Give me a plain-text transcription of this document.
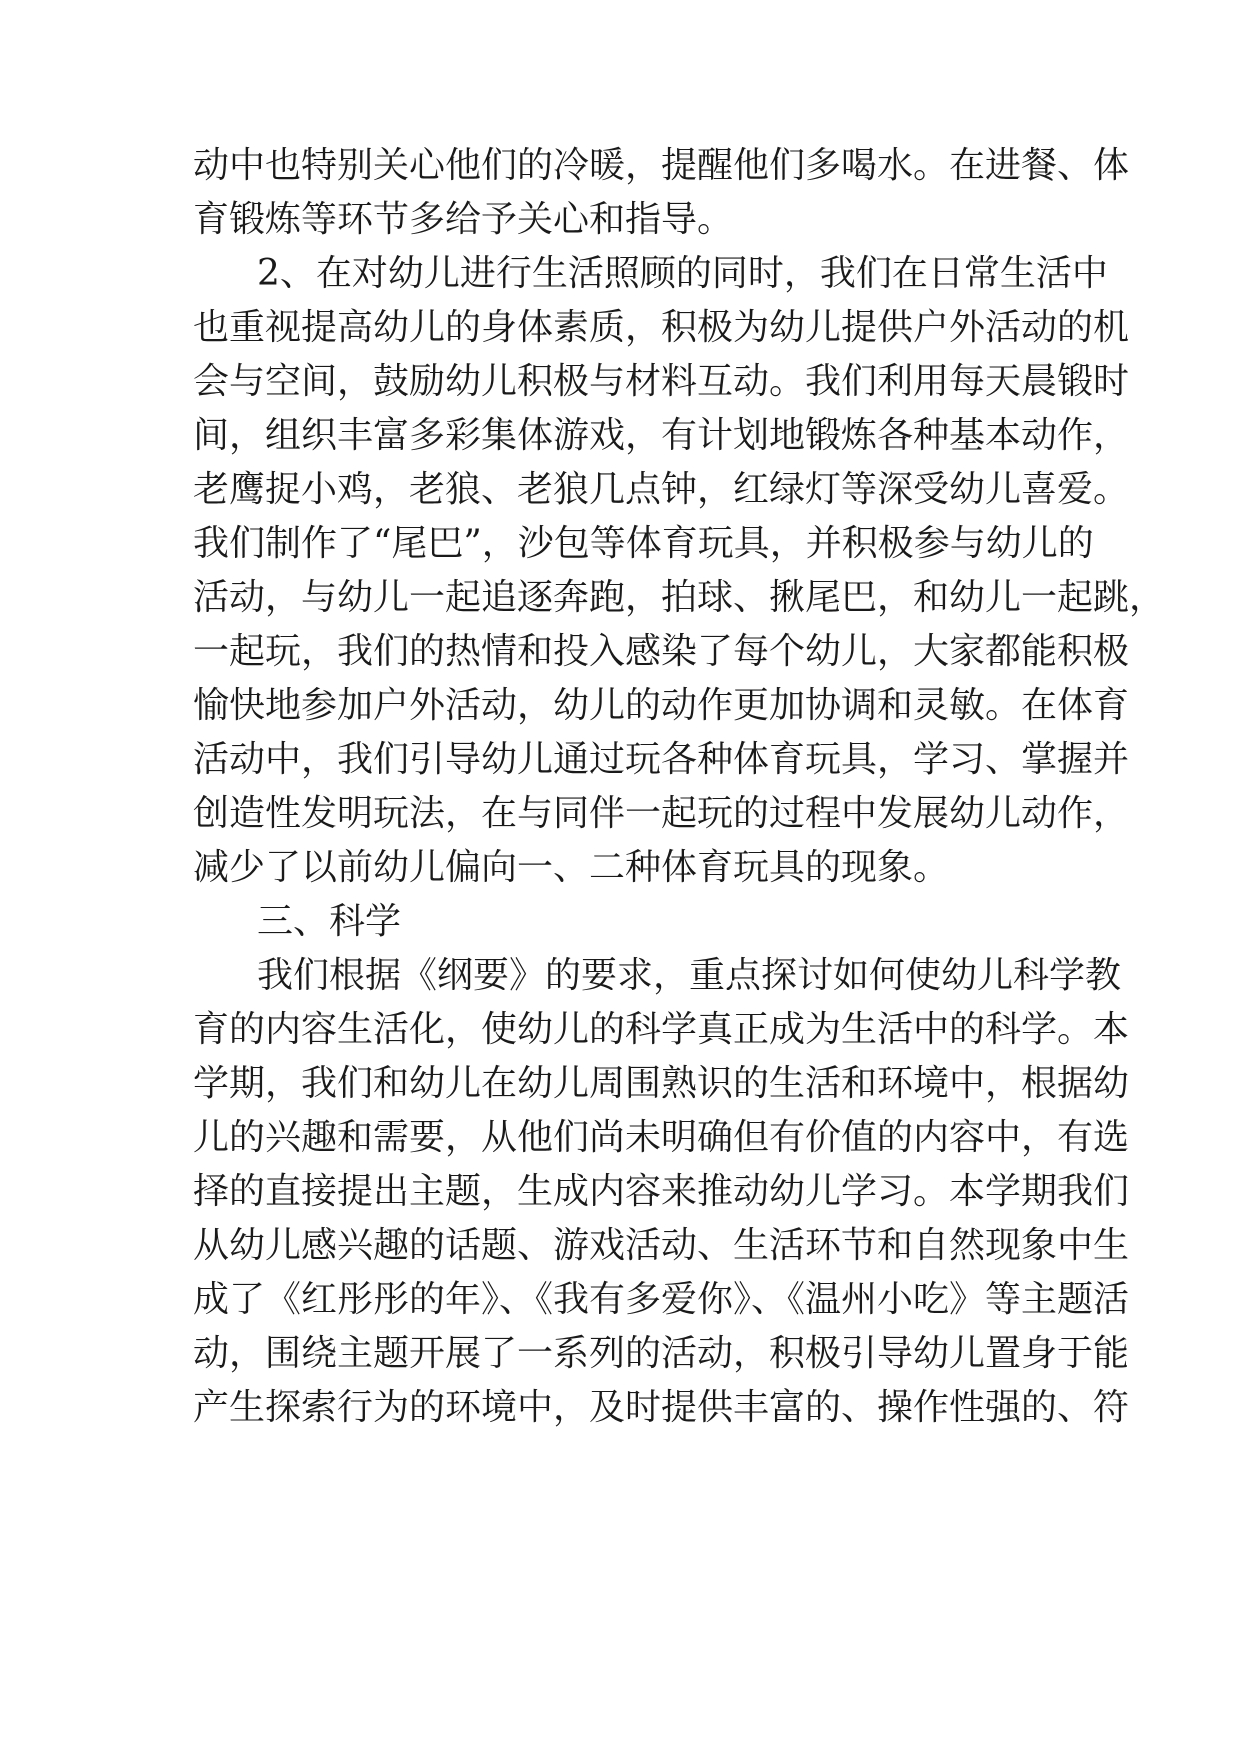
动中也特别关心他们的冷暖，提醒他们多喝水。在进餐、体

育锻炼等环节多给予关心和指导。

2、在对幼儿进行生活照顾的同时，我们在日常生活中

也重视提高幼儿的身体素质，积极为幼儿提供户外活动的机

会与空间，鼓励幼儿积极与材料互动。我们利用每天晨锻时

间，组织丰富多彩集体游戏，有计划地锻炼各种基本动作，

老鹰捉小鸡，老狼、老狼几点钟，红绿灯等深受幼儿喜爱。

我们制作了“尾巴”，沙包等体育玩具，并积极参与幼儿的

活动，与幼儿一起追逐奔跑，拍球、揪尾巴，和幼儿一起跳，

一起玩，我们的热情和投入感染了每个幼儿，大家都能积极

愉快地参加户外活动，幼儿的动作更加协调和灵敏。在体育

活动中，我们引导幼儿通过玩各种体育玩具，学习、掌握并

创造性发明玩法，在与同伴一起玩的过程中发展幼儿动作，

减少了以前幼儿偏向一、二种体育玩具的现象。

三、科学

我们根据《纲要》的要求，重点探讨如何使幼儿科学教

育的内容生活化，使幼儿的科学真正成为生活中的科学。本

学期，我们和幼儿在幼儿周围熟识的生活和环境中，根据幼

儿的兴趣和需要，从他们尚未明确但有价值的内容中，有选

择的直接提出主题，生成内容来推动幼儿学习。本学期我们

从幼儿感兴趣的话题、游戏活动、生活环节和自然现象中生

成了《红彤彤的年》、《我有多爱你》、《温州小吃》等主题活

动，围绕主题开展了一系列的活动，积极引导幼儿置身于能

产生探索行为的环境中，及时提供丰富的、操作性强的、符
